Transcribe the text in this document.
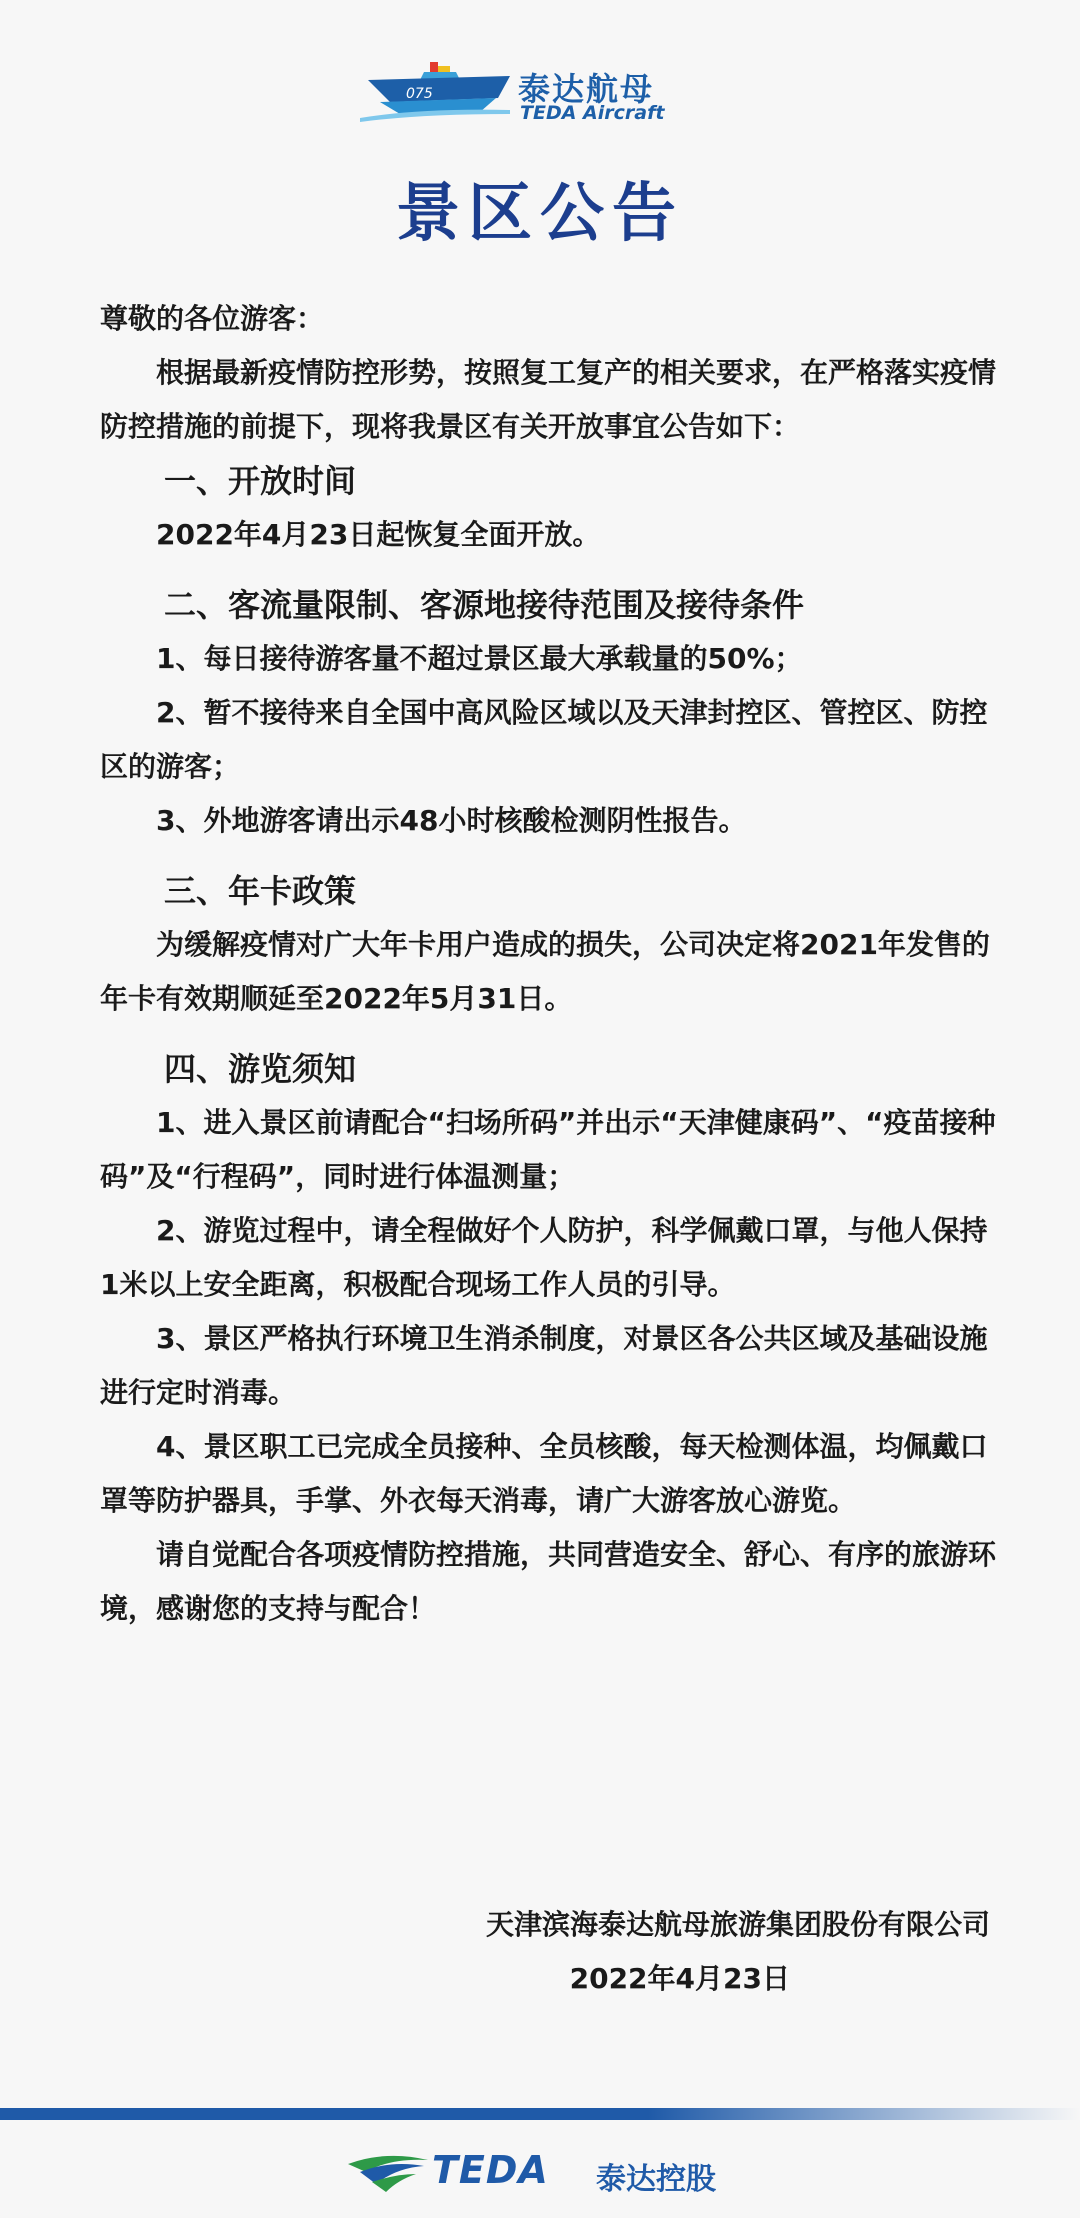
075	泰达航母
TEDA Aircraft
景区公告

尊敬的各位游客：

根据最新疫情防控形势，按照复工复产的相关要求，在严格落实疫情防控措施的前提下，现将我景区有关开放事宜公告如下：

一、开放时间

2022年4月23日起恢复全面开放。

二、客流量限制、客源地接待范围及接待条件

1、每日接待游客量不超过景区最大承载量的50%；

2、暂不接待来自全国中高风险区域以及天津封控区、管控区、防控区的游客；

3、外地游客请出示48小时核酸检测阴性报告。

三、年卡政策

为缓解疫情对广大年卡用户造成的损失，公司决定将2021年发售的年卡有效期顺延至2022年5月31日。

四、游览须知

1、进入景区前请配合“扫场所码”并出示“天津健康码”、“疫苗接种码”及“行程码”，同时进行体温测量；

2、游览过程中，请全程做好个人防护，科学佩戴口罩，与他人保持1米以上安全距离，积极配合现场工作人员的引导。

3、景区严格执行环境卫生消杀制度，对景区各公共区域及基础设施进行定时消毒。

4、景区职工已完成全员接种、全员核酸，每天检测体温，均佩戴口罩等防护器具，手掌、外衣每天消毒，请广大游客放心游览。

请自觉配合各项疫情防控措施，共同营造安全、舒心、有序的旅游环境，感谢您的支持与配合！

天津滨海泰达航母旅游集团股份有限公司
2022年4月23日
TEDA 泰达控股
